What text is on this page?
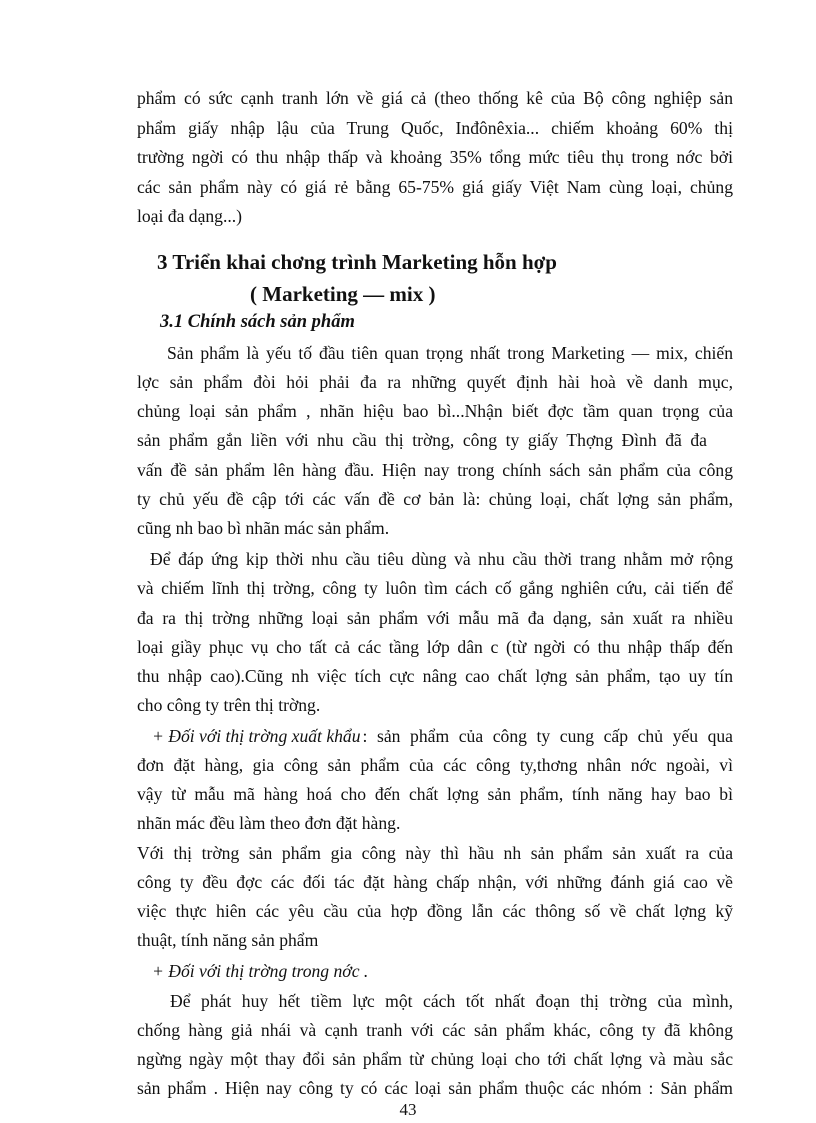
phẩm có sức cạnh tranh lớn về giá cả (theo thống kê của Bộ công nghiệp sản
phẩm giấy nhập lậu của Trung Quốc, Inđônêxia... chiếm khoảng 60% thị
trường ngời có thu nhập thấp và khoảng 35% tổng mức tiêu thụ trong nớc bởi
các sản phẩm này có giá rẻ bằng 65-75% giá giấy Việt Nam cùng loại, chủng
loại đa dạng...)
3 Triển khai chơng trình Marketing hỗn hợp
( Marketing — mix )
3.1 Chính sách sản phẩm
Sản phẩm là yếu tố đầu tiên quan trọng nhất trong Marketing — mix, chiến
lợc sản phẩm đòi hỏi phải đa ra những quyết định hài hoà về danh mục,
chủng loại sản phẩm , nhãn hiệu bao bì...Nhận biết đợc tầm quan trọng của
sản phẩm gắn liền với nhu cầu thị trờng, công ty giấy Thợng Đình đã đa
vấn đề sản phẩm lên hàng đầu. Hiện nay trong chính sách sản phẩm của công
ty chủ yếu đề cập tới các vấn đề cơ bản là: chủng loại, chất lợng sản phẩm,
cũng nh bao bì nhãn mác sản phẩm.
Để đáp ứng kịp thời nhu cầu tiêu dùng và nhu cầu thời trang nhằm mở rộng
và chiếm lĩnh thị trờng, công ty luôn tìm cách cố gắng nghiên cứu, cải tiến để
đa ra thị trờng những loại sản phẩm với mẫu mã đa dạng, sản xuất ra nhiều
loại giầy phục vụ cho tất cả các tầng lớp dân c (từ ngời có thu nhập thấp đến
thu nhập cao).Cũng nh việc tích cực nâng cao chất lợng sản phẩm, tạo uy tín
cho công ty trên thị trờng.
+ Đối với thị trờng xuất khẩu : sản phẩm của công ty cung cấp chủ yếu qua
đơn đặt hàng, gia công sản phẩm của các công ty,thơng nhân nớc ngoài, vì
vậy từ mẫu mã hàng hoá cho đến chất lợng sản phẩm, tính năng hay bao bì
nhãn mác đều làm theo đơn đặt hàng.
Với thị trờng sản phẩm gia công này thì hầu nh sản phẩm sản xuất ra của
công ty đều đợc các đối tác đặt hàng chấp nhận, với những đánh giá cao về
việc thực hiên các yêu cầu của hợp đồng lẫn các thông số về chất lợng kỹ
thuật, tính năng sản phẩm
+ Đối với thị trờng trong nớc .
Để phát huy hết tiềm lực một cách tốt nhất đoạn thị trờng của mình,
chống hàng giả nhái và cạnh tranh với các sản phẩm khác, công ty đã không
ngừng ngày một thay đổi sản phẩm từ chủng loại cho tới chất lợng và màu sắc
sản phẩm . Hiện nay công ty có các loại sản phẩm thuộc các nhóm : Sản phẩm
43
